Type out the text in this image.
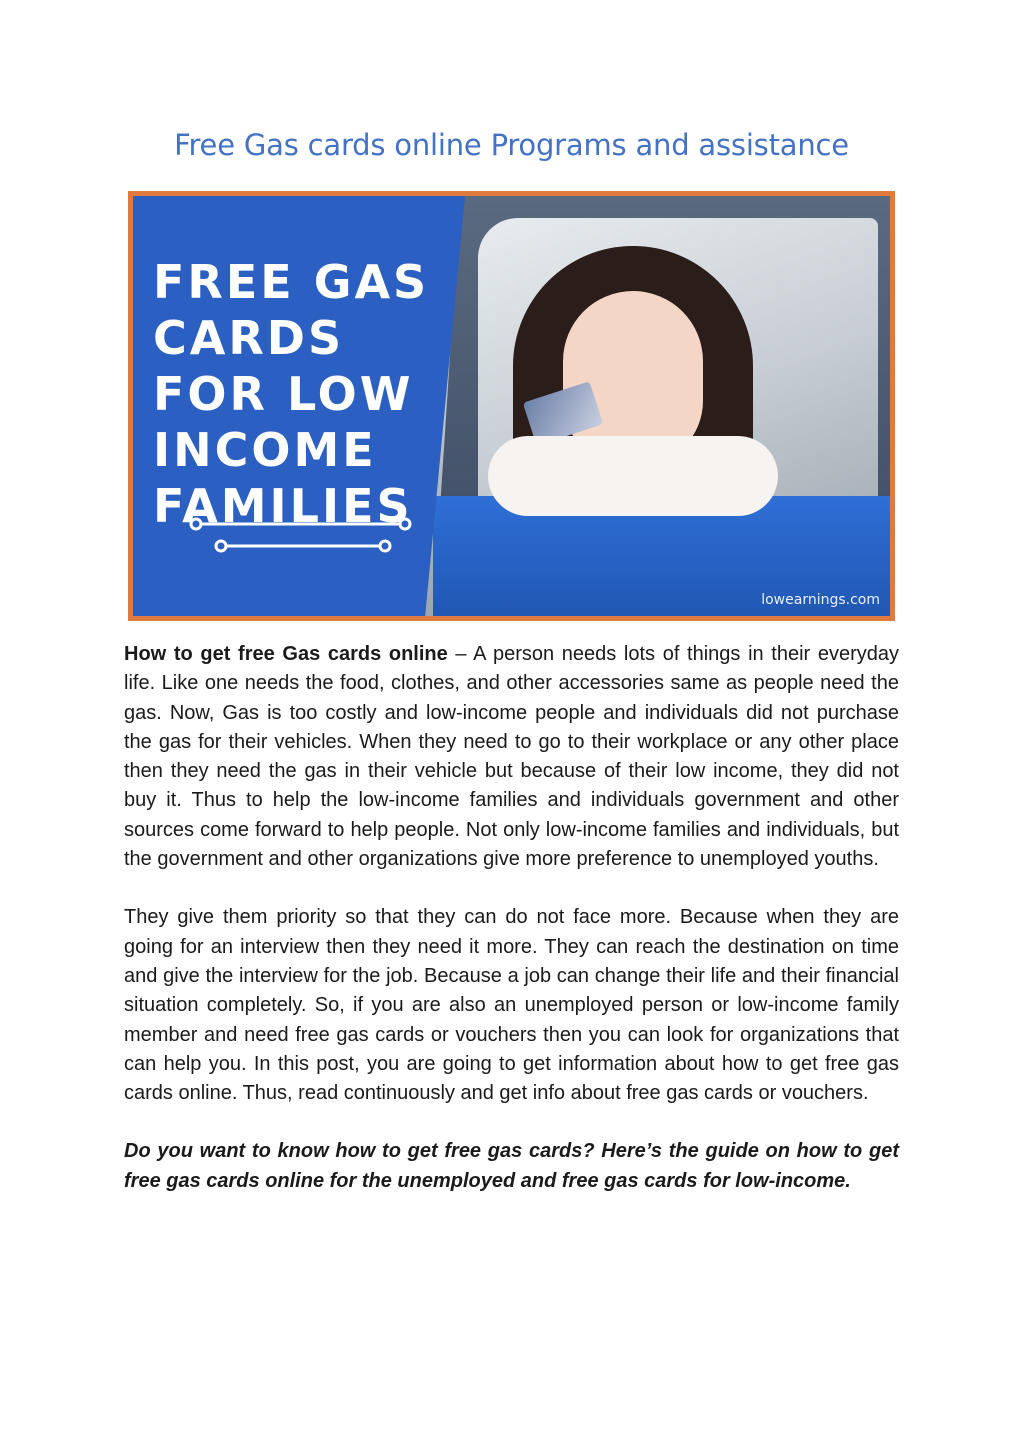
Free Gas cards online Programs and assistance
FREE GAS
CARDS
FOR LOW
INCOME
FAMILIES
lowearnings.com

How to get free Gas cards online – A person needs lots of things in their everyday life. Like one needs the food, clothes, and other accessories same as people need the gas. Now, Gas is too costly and low-income people and individuals did not purchase the gas for their vehicles. When they need to go to their workplace or any other place then they need the gas in their vehicle but because of their low income, they did not buy it. Thus to help the low-income families and individuals government and other sources come forward to help people. Not only low-income families and individuals, but the government and other organizations give more preference to unemployed youths.

They give them priority so that they can do not face more. Because when they are going for an interview then they need it more. They can reach the destination on time and give the interview for the job. Because a job can change their life and their financial situation completely. So, if you are also an unemployed person or low-income family member and need free gas cards or vouchers then you can look for organizations that can help you. In this post, you are going to get information about how to get free gas cards online. Thus, read continuously and get info about free gas cards or vouchers.

Do you want to know how to get free gas cards? Here’s the guide on how to get free gas cards online for the unemployed and free gas cards for low-income.
